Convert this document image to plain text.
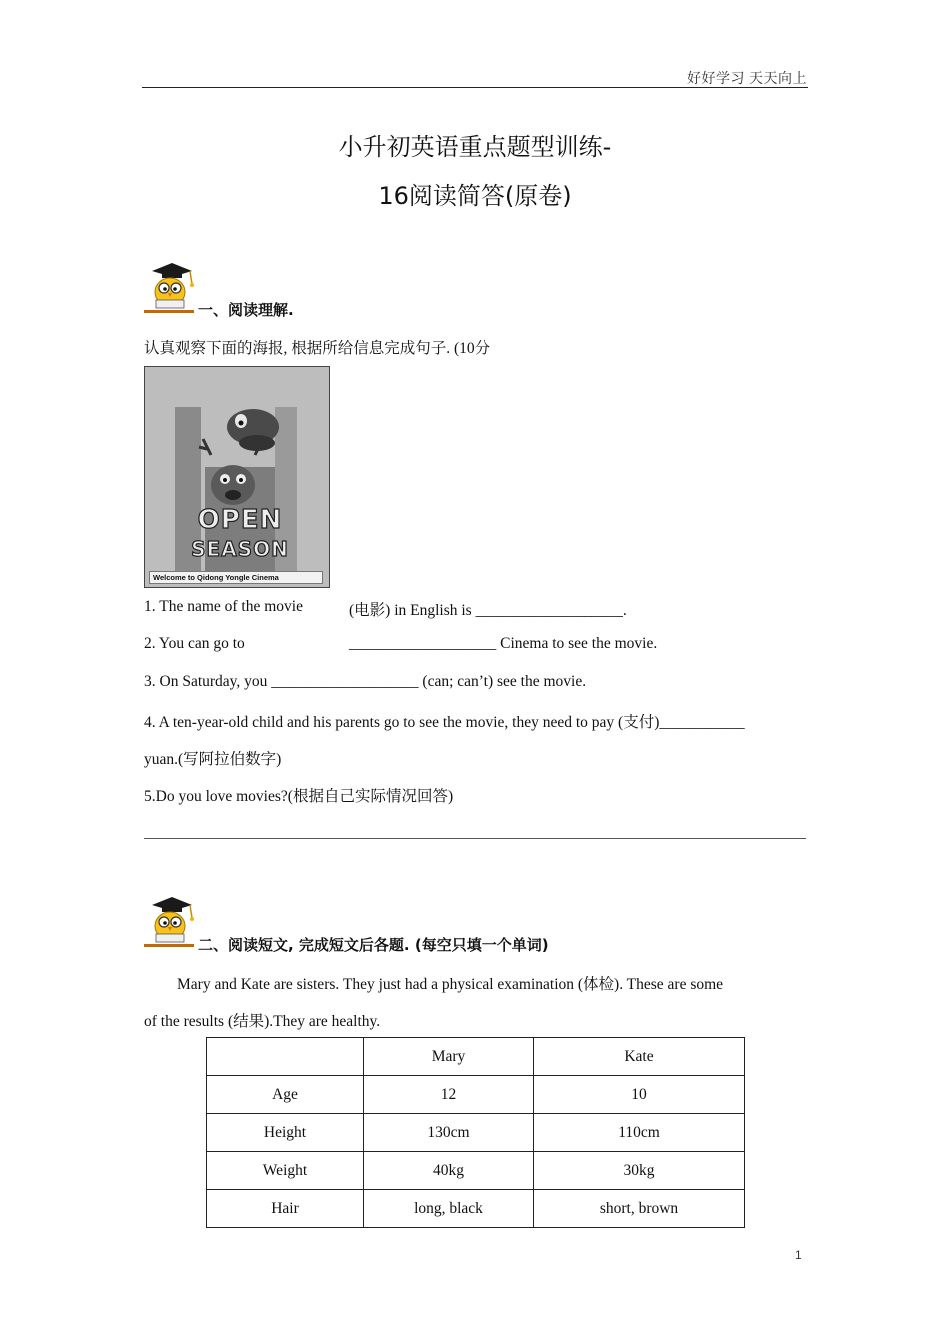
好好学习 天天向上
小升初英语重点题型训练-
16阅读简答(原卷)
一、阅读理解.
认真观察下面的海报, 根据所给信息完成句子. (10分
OPEN
SEASON
Welcome to Qidong Yongle Cinema
1. The name of the movie	(电影) in English is ___________________.
2. You can go to	___________________ Cinema to see the movie.
3. On Saturday, you ___________________ (can; can’t) see the movie.
4. A ten-year-old child and his parents go to see the movie, they need to pay (支付)___________
yuan.(写阿拉伯数字)
5.Do you love movies?(根据自己实际情况回答)
二、阅读短文, 完成短文后各题. (每空只填一个单词)
Mary and Kate are sisters. They just had a physical examination (体检). These are some
of the results (结果).They are healthy.
	Mary	Kate
Age	12	10
Height	130cm	110cm
Weight	40kg	30kg
Hair	long, black	short, brown
1
